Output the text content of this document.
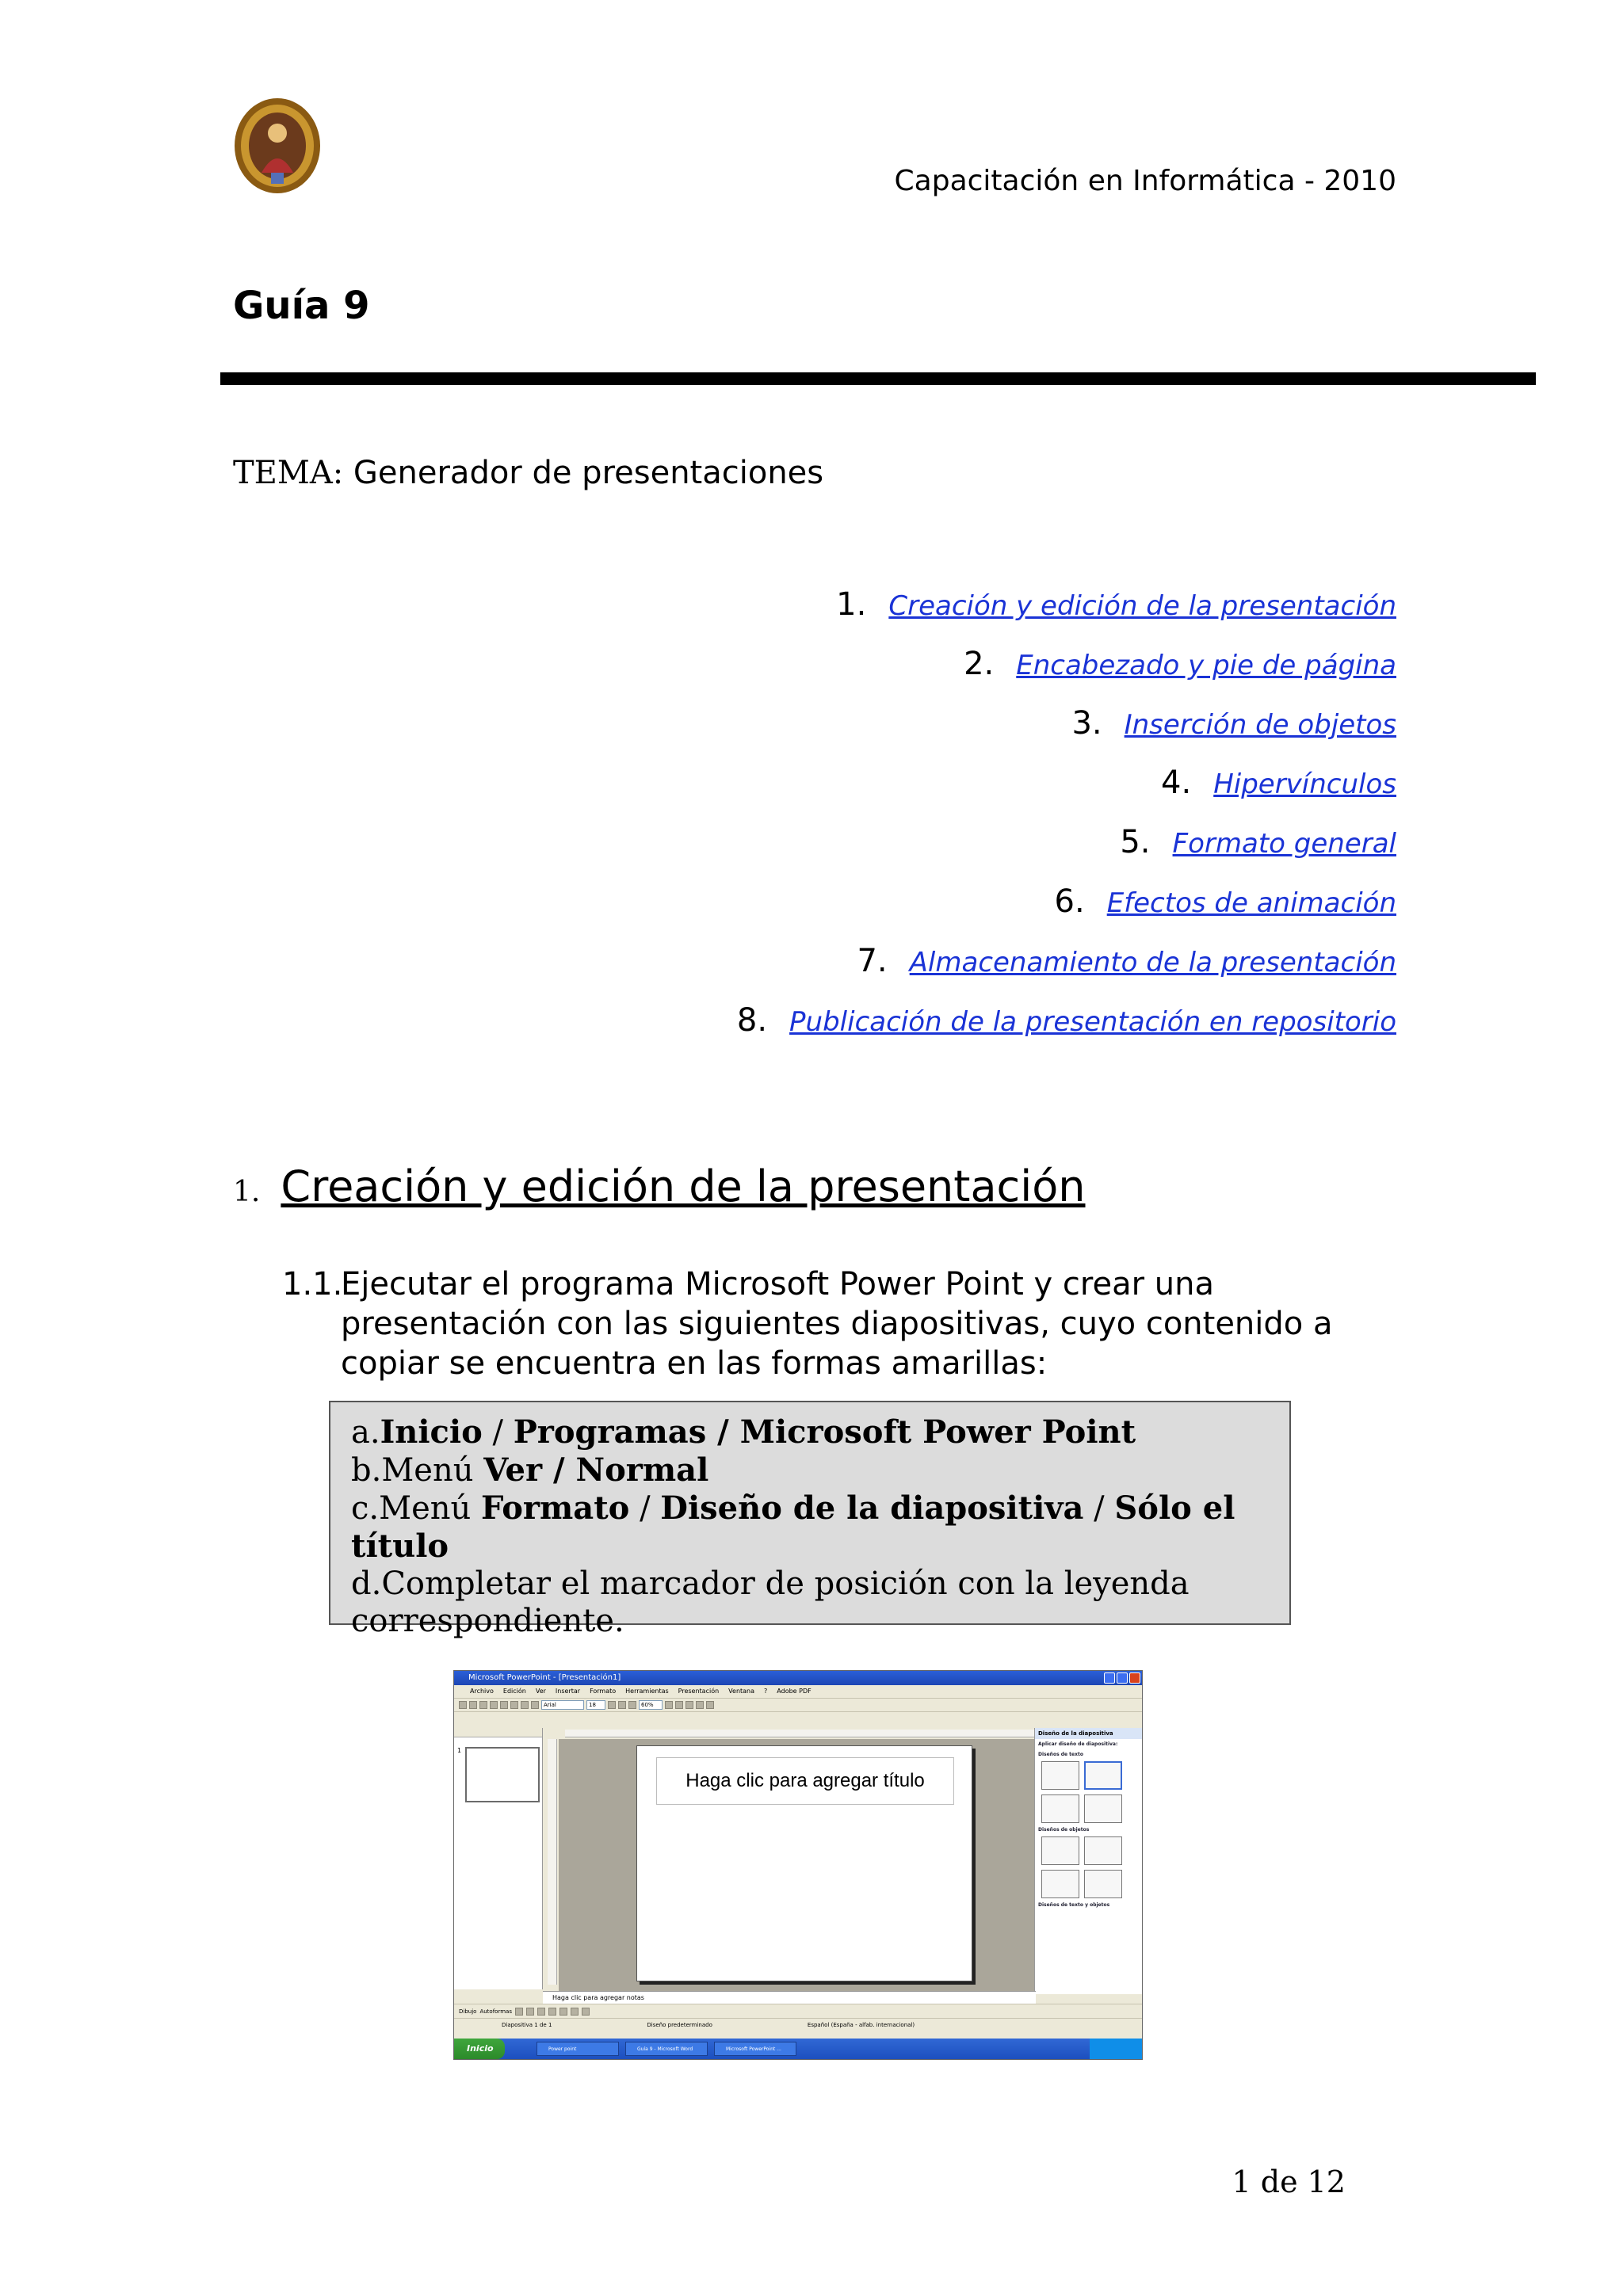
Capacitación en Informática - 2010
Guía 9
TEMA: Generador de presentaciones
1. Creación y edición de la presentación
2. Encabezado y pie de página
3. Inserción de objetos
4. Hipervínculos
5. Formato general
6. Efectos de animación
7. Almacenamiento de la presentación
8. Publicación de la presentación en repositorio
1. Creación y edición de la presentación
1.1.
Ejecutar el programa Microsoft Power Point y crear una presentación con las siguientes diapositivas, cuyo contenido a copiar se encuentra en las formas amarillas:
a.Inicio / Programas / Microsoft Power Point
b.Menú Ver / Normal
c.Menú Formato / Diseño de la diapositiva / Sólo el título
d.Completar el marcador de posición con la leyenda correspondiente.
Microsoft PowerPoint - [Presentación1]
Archivo Edición Ver Insertar Formato Herramientas Presentación Ventana ? Adobe PDF
Arial	18	60%
1
Haga clic para agregar título
Diseño de la diapositiva
Aplicar diseño de diapositiva:
Diseños de texto
Diseños de objetos
Diseños de texto y objetos
Haga clic para agregar notas
Dibujo Autoformas
Diapositiva 1 de 1	Diseño predeterminado	Español (España - alfab. internacional)
Inicio	Power point	Guía 9 - Microsoft Word	Microsoft PowerPoint ...
1 de 12
